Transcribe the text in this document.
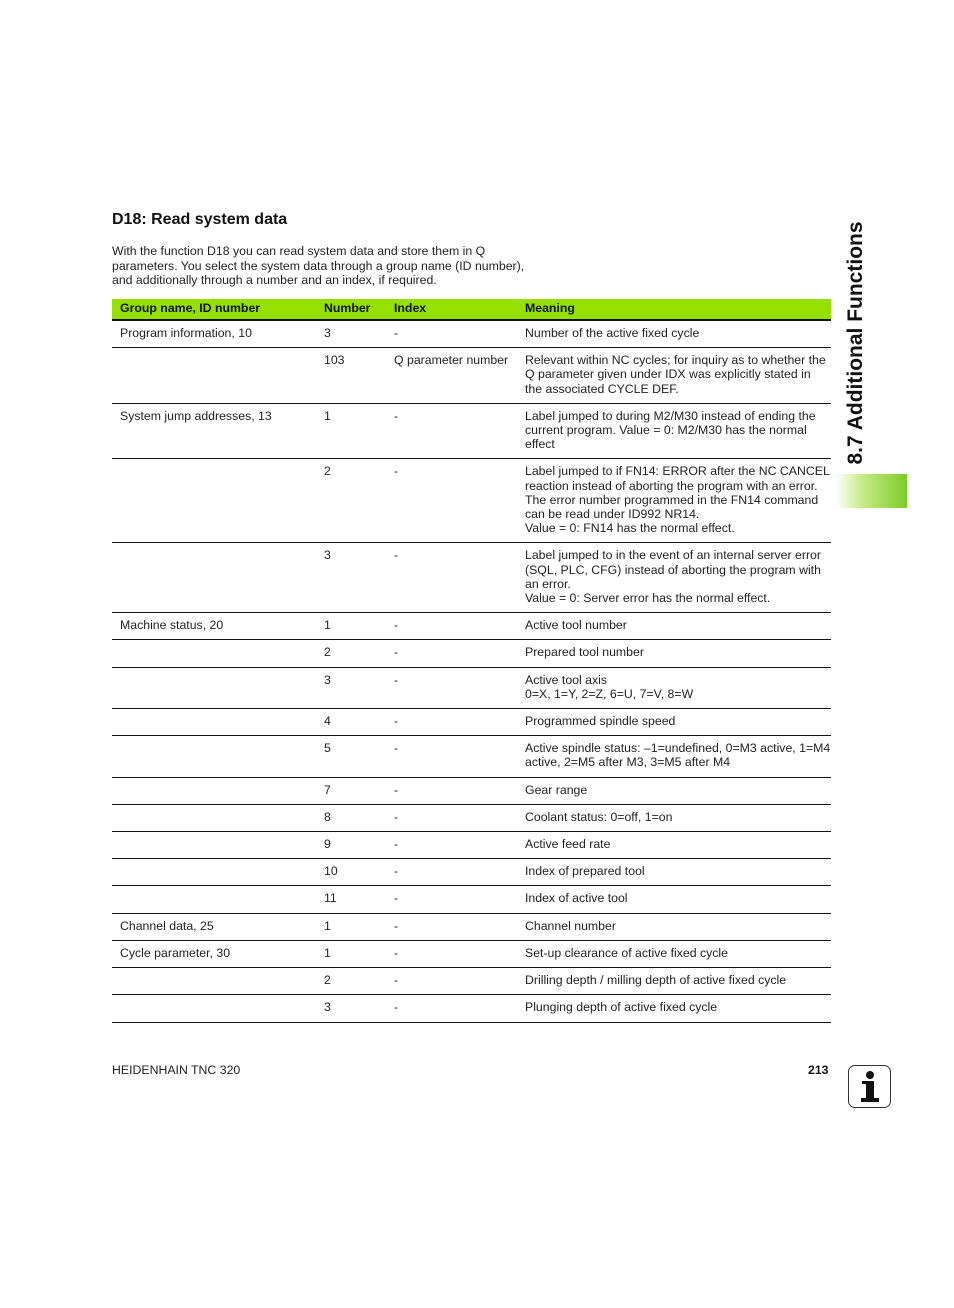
D18: Read system data

With the function D18 you can read system data and store them in Q parameters. You select the system data through a group name (ID number), and additionally through a number and an index, if required.

Group name, ID number	Number	Index	Meaning
Program information, 10	3	-	Number of the active fixed cycle

	103	Q parameter number	Relevant within NC cycles; for inquiry as to whether the Q parameter given under IDX was explicitly stated in the associated CYCLE DEF.

System jump addresses, 13	1	-	Label jumped to during M2/M30 instead of ending the current program. Value = 0: M2/M30 has the normal effect

	2	-	Label jumped to if FN14: ERROR after the NC CANCEL reaction instead of aborting the program with an error. The error number programmed in the FN14 command can be read under ID992 NR14.
Value = 0: FN14 has the normal effect.

	3	-	Label jumped to in the event of an internal server error (SQL, PLC, CFG) instead of aborting the program with an error.
Value = 0: Server error has the normal effect.

Machine status, 20	1	-	Active tool number

	2	-	Prepared tool number

	3	-	Active tool axis
0=X, 1=Y, 2=Z, 6=U, 7=V, 8=W

	4	-	Programmed spindle speed

	5	-	Active spindle status: –1=undefined, 0=M3 active, 1=M4 active, 2=M5 after M3, 3=M5 after M4

	7	-	Gear range

	8	-	Coolant status: 0=off, 1=on

	9	-	Active feed rate

	10	-	Index of prepared tool

	11	-	Index of active tool

Channel data, 25	1	-	Channel number

Cycle parameter, 30	1	-	Set-up clearance of active fixed cycle

	2	-	Drilling depth / milling depth of active fixed cycle

	3	-	Plunging depth of active fixed cycle
8.7 Additional Functions
HEIDENHAIN TNC 320	213
